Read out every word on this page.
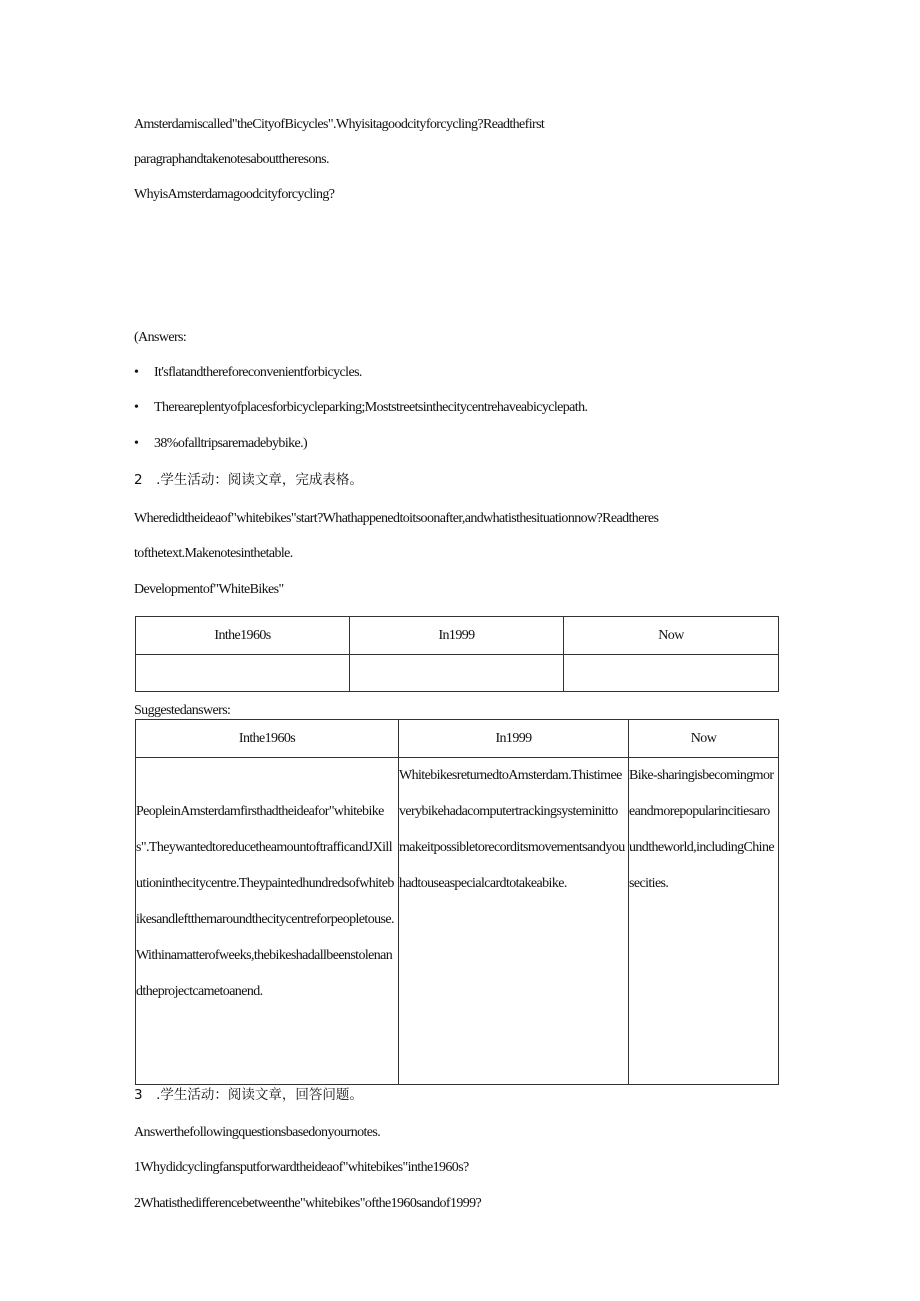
Amsterdamiscalled"theCityofBicycles".Whyisitagoodcityforcycling?Readthefirst
paragraphandtakenotesabouttheresons.
WhyisAmsterdamagoodcityforcycling?
(Answers:
• It'sflatandthereforeconvenientforbicycles.
• Thereareplentyofplacesforbicycleparking;Moststreetsinthecitycentrehaveabicyclepath.
• 38%ofalltripsaremadebybike.)
2　.学生活动：阅读文章，完成表格。
Wheredidtheideaof"whitebikes"start?Whathappenedtoitsoonafter,andwhatisthesituationnow?Readtheres
tofthetext.Makenotesinthetable.
Developmentof"WhiteBikes"
Inthe1960s	In1999	Now

Suggestedanswers:
Inthe1960s	In1999	Now

PeopleinAmsterdamfirsthadtheideafor"whitebikes".TheywantedtoreducetheamountoftrafficandJXillutioninthecitycentre.Theypaintedhundredsofwhitebikesandleftthemaroundthecitycentreforpeopletouse.Withinamatterofweeks,thebikeshadallbeenstolenandtheprojectcametoanend.	WhitebikesreturnedtoAmsterdam.Thistimeeverybikehadacomputertrackingsysteminittomakeitpossibletorecorditsmovementsandyouhadtouseaspecialcardtotakeabike.	Bike-sharingisbecomingmoreandmorepopularincitiesaroundtheworld,includingChinesecities.
3　.学生活动：阅读文章，回答问题。
Answerthefollowingquestionsbasedonyournotes.
1Whydidcyclingfansputforwardtheideaof"whitebikes"inthe1960s?
2Whatisthedifferencebetweenthe"whitebikes"ofthe1960sandof1999?
